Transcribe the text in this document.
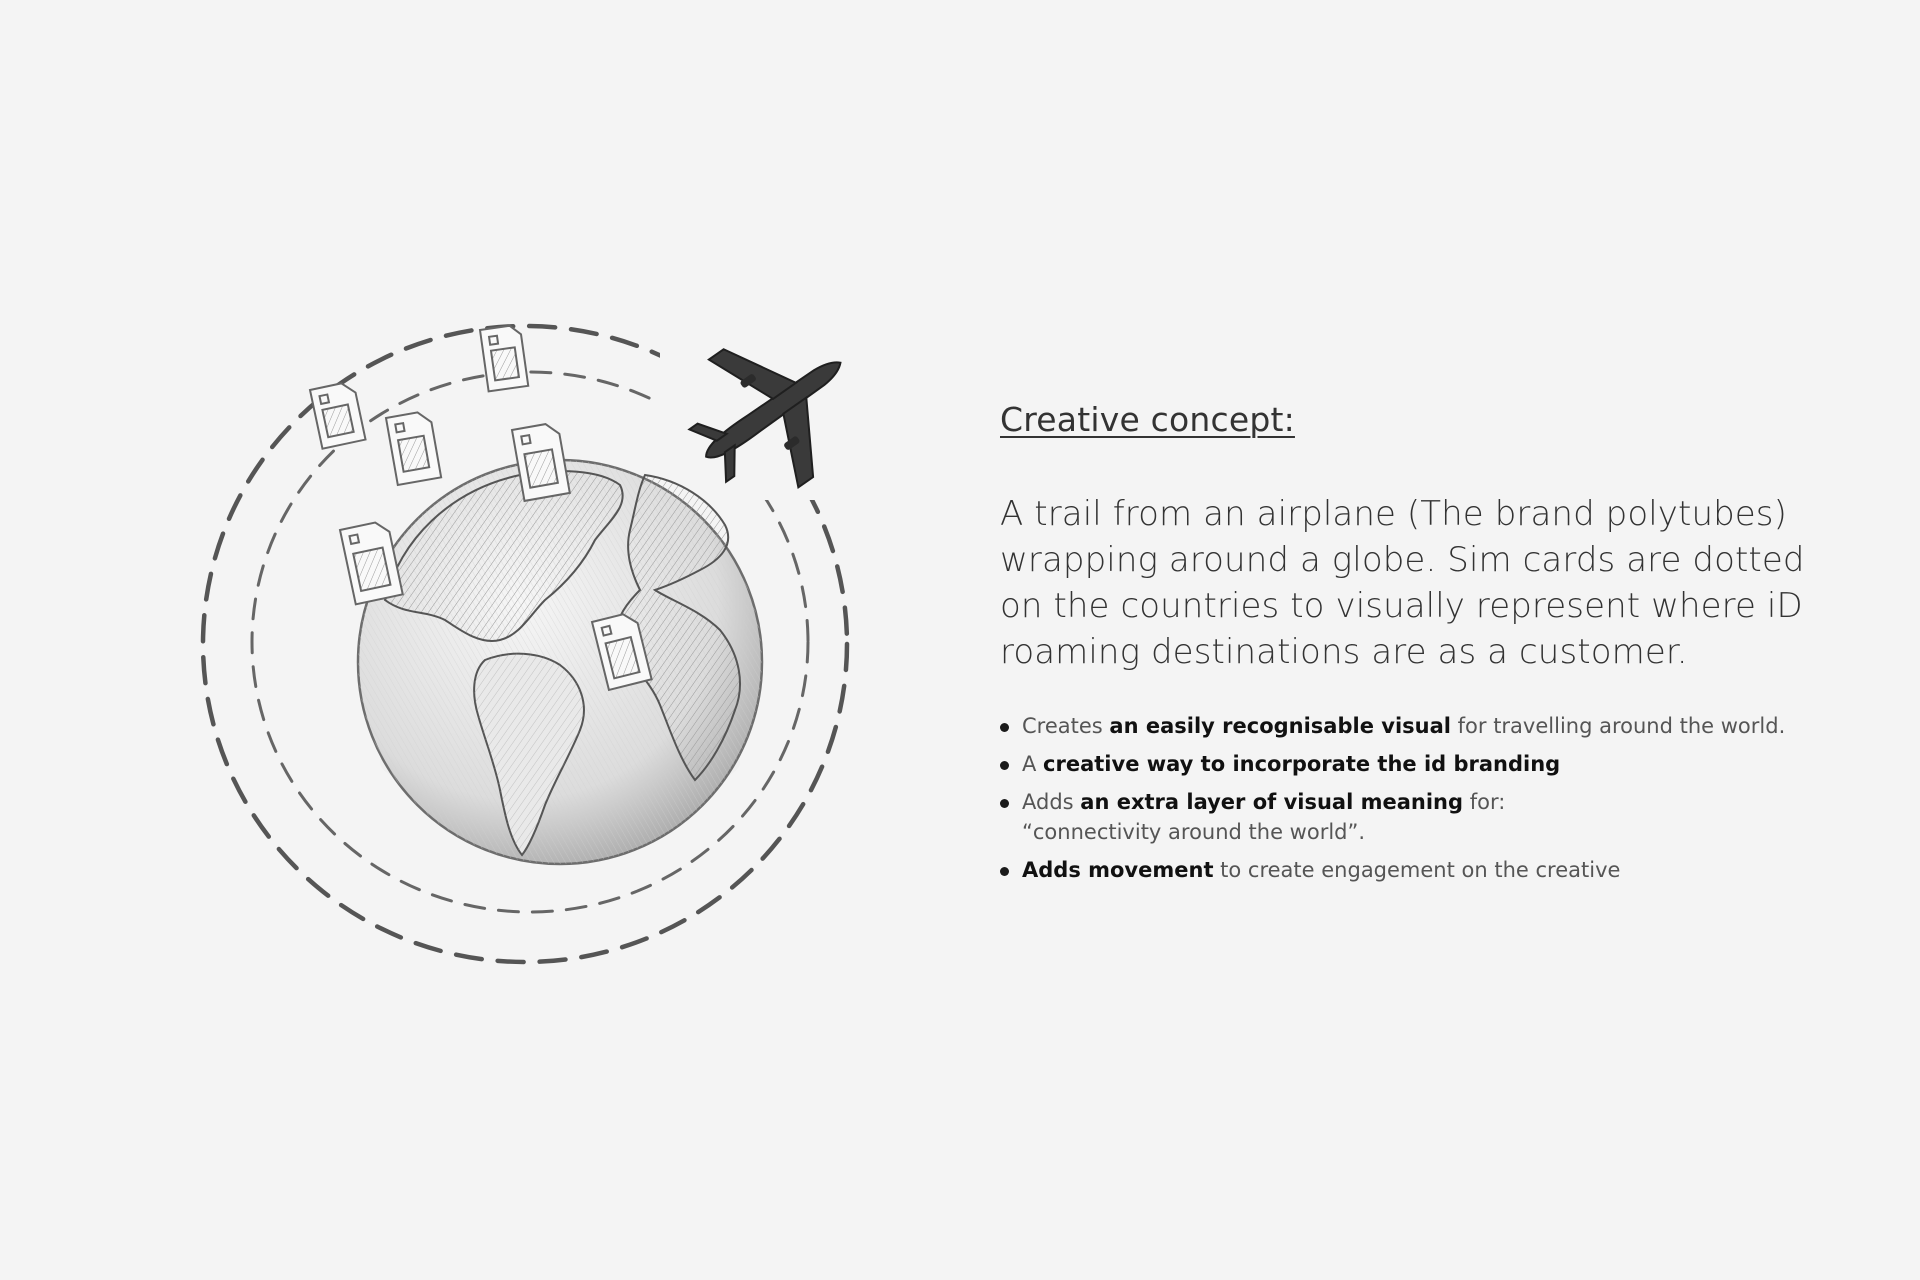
Creative concept:

A trail from an airplane (The brand polytubes) wrapping around a globe. Sim cards are dotted on the countries to visually represent where iD roaming destinations are as a customer.

Creates an easily recognisable visual for travelling around the world.
A creative way to incorporate the id branding
Adds an extra layer of visual meaning for:
“connectivity around the world”.
Adds movement to create engagement on the creative
